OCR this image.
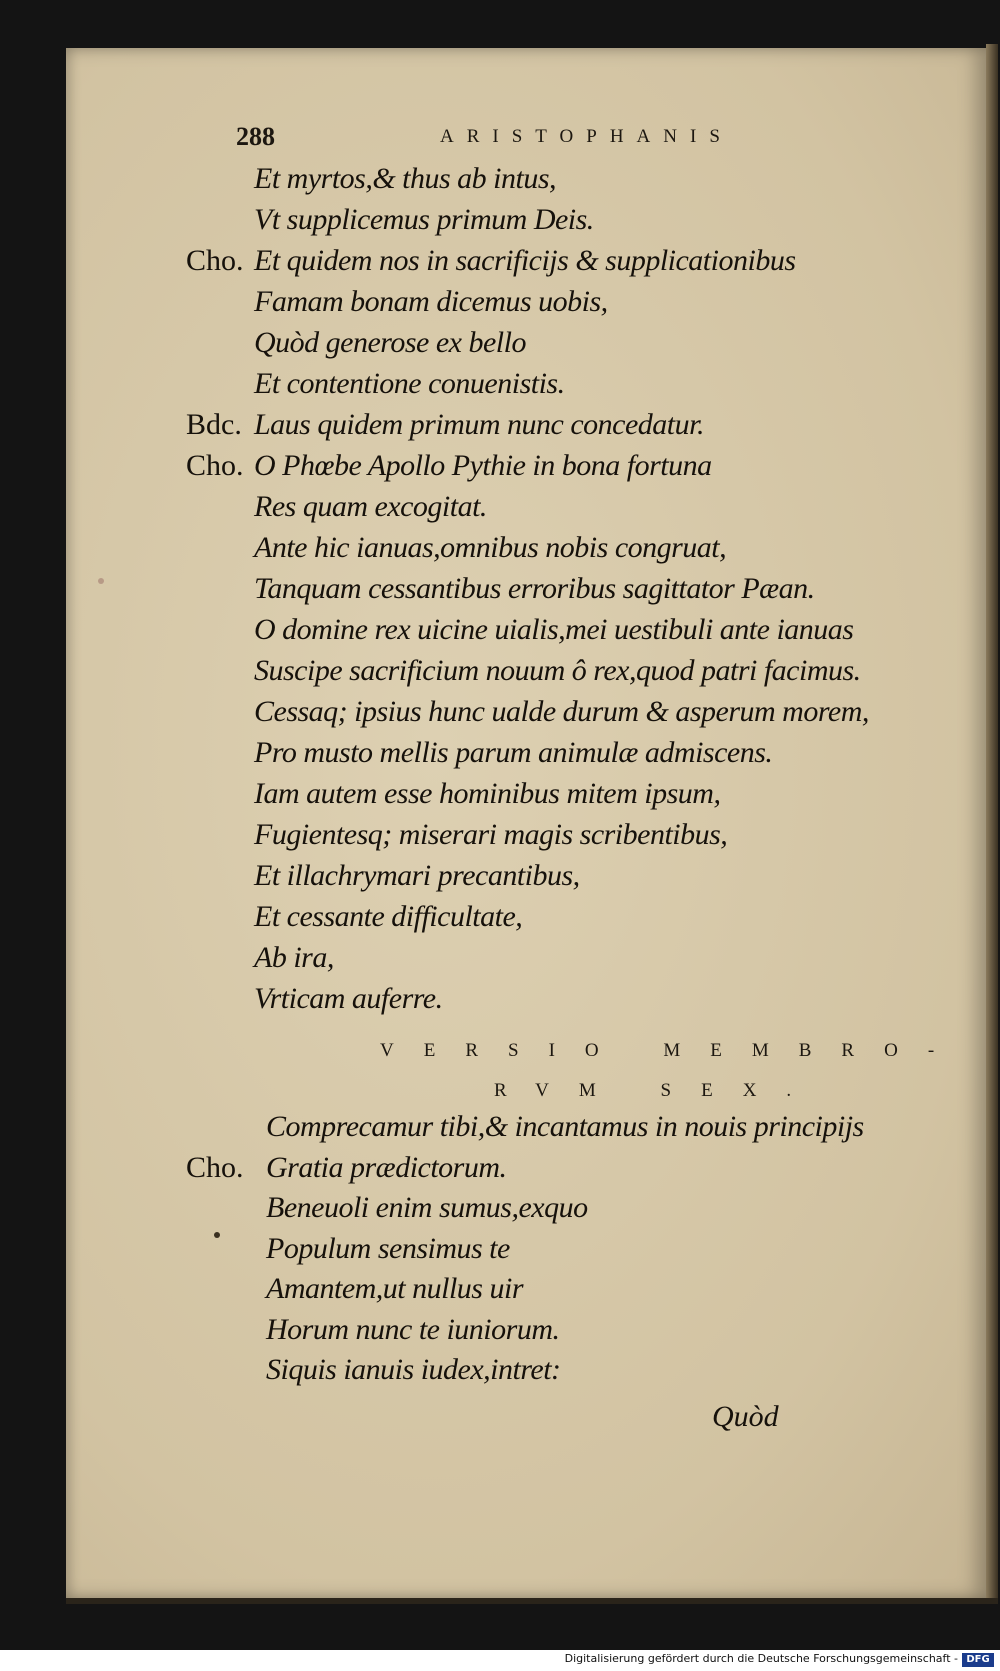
288	ARISTOPHANIS
Et myrtos,& thus ab intus,
Vt supplicemus primum Deis.
Cho. Et quidem nos in sacrificijs & supplicationibus
Famam bonam dicemus uobis,
Quòd generose ex bello
Et contentione conuenistis.
Bdc. Laus quidem primum nunc concedatur.
Cho. O Phœbe Apollo Pythie in bona fortuna
Res quam excogitat.
Ante hic ianuas,omnibus nobis congruat,
Tanquam cessantibus erroribus sagittator Pæan.
O domine rex uicine uialis,mei uestibuli ante ianuas
Suscipe sacrificium nouum ô rex,quod patri facimus.
Cessaq; ipsius hunc ualde durum & asperum morem,
Pro musto mellis parum animulæ admiscens.
Iam autem esse hominibus mitem ipsum,
Fugientesq; miserari magis scribentibus,
Et illachrymari precantibus,
Et cessante difficultate,
Ab ira,
Vrticam auferre.
VERSIO MEMBRO-
RVM SEX.
Comprecamur tibi,& incantamus in nouis principijs
Cho. Gratia prædictorum.
Beneuoli enim sumus,exquo
Populum sensimus te
Amantem,ut nullus uir
Horum nunc te iuniorum.
Siquis ianuis iudex,intret:
Quòd
Digitalisierung gefördert durch die Deutsche Forschungsgemeinschaft - DFG
